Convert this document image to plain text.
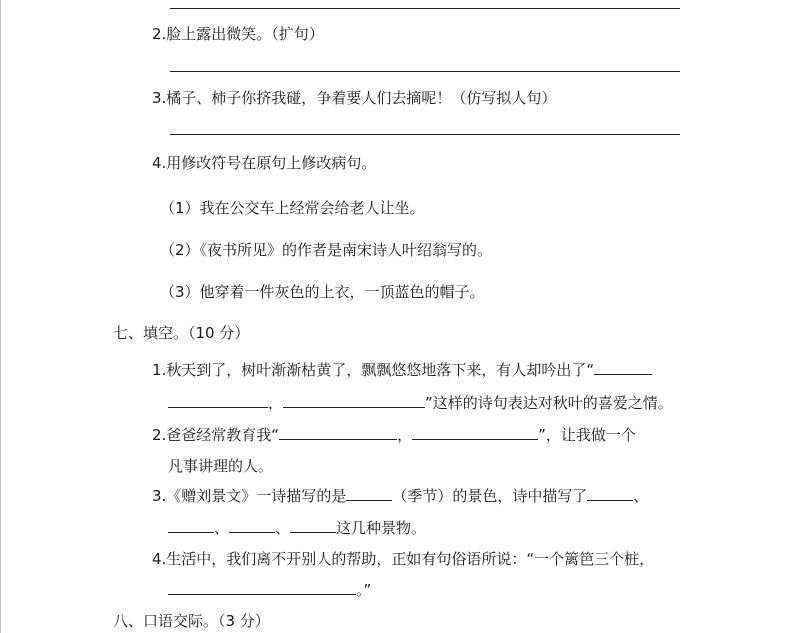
2.脸上露出微笑。（扩句）
3.橘子、柿子你挤我碰，争着要人们去摘呢！（仿写拟人句）
4.用修改符号在原句上修改病句。
（1）我在公交车上经常会给老人让坐。
（2）《夜书所见》的作者是南宋诗人叶绍翁写的。
（3）他穿着一件灰色的上衣，一顶蓝色的帽子。
七、填空。（10 分）
1.秋天到了，树叶渐渐枯黄了，飘飘悠悠地落下来，有人却吟出了“
，	”这样的诗句表达对秋叶的喜爱之情。
2.爸爸经常教育我“	，	”，让我做一个
凡事讲理的人。
3.《赠刘景文》一诗描写的是	（季节）的景色，诗中描写了	、
、	、	这几种景物。
4.生活中，我们离不开别人的帮助，正如有句俗语所说：“一个篱笆三个桩，
。”
八、口语交际。（3 分）
